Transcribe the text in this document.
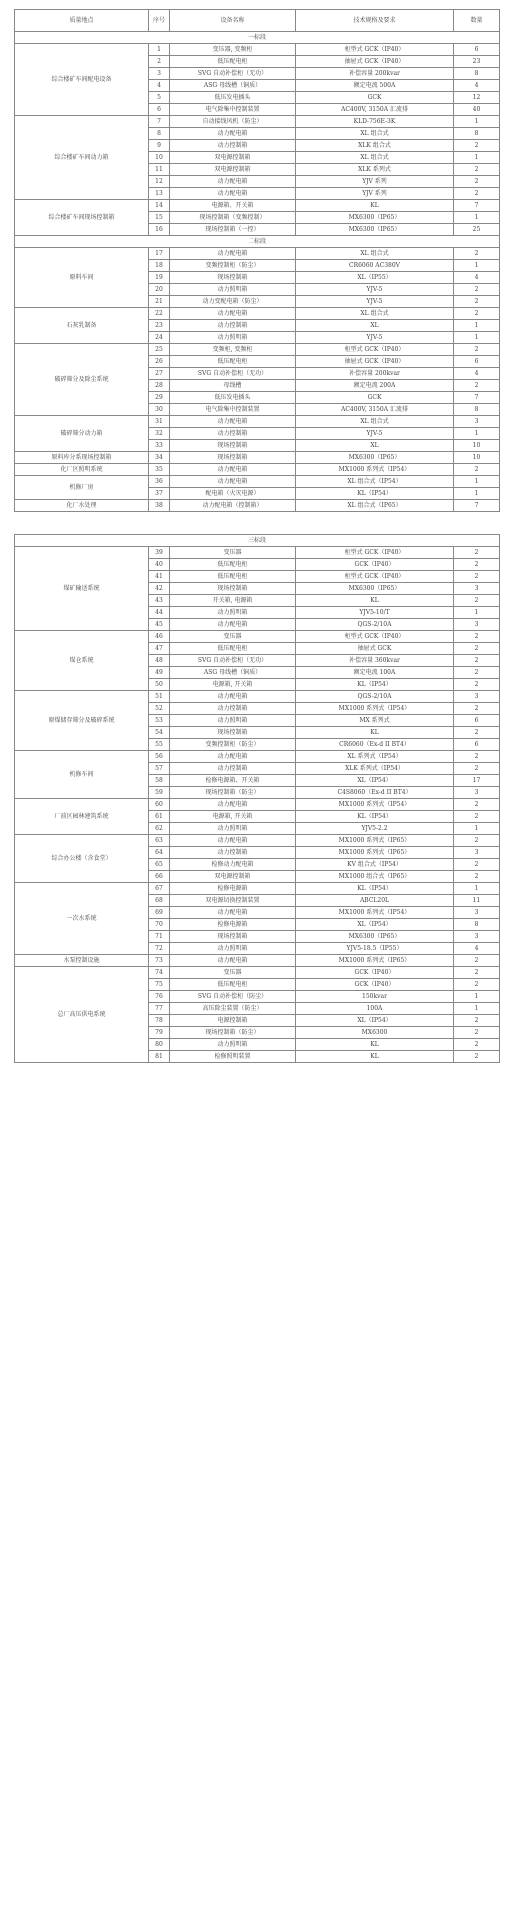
质量地点	序号	设备名称	技术规格及要求	数量
一标段				
综合楼矿车间配电设备	1	变压器, 变频柜	柜型式 GCK（IP40）	6
	2	低压配电柜	抽屉式 GCK（IP40）	23
	3	SVG 自动补偿柜（无功）	补偿容量 200kvar	8
	4	ASG 母线槽（铜质）	额定电流 500A	4
	5	低压发电插头	GCK	12
	6	电气除集中控制装置	AC400V, 3150A 汇流排	40
综合楼矿车间动力箱	7	自动接线风机（防尘）	KLD-756E-3K	1
	8	动力配电箱	XL 组合式	8
	9	动力控制箱	XLK 组合式	2
	10	双电源控制箱	XL 组合式	1
	11	双电源控制箱	XLK 系列式	2
	12	动力配电箱	YJV 系列	2
	13	动力配电箱	YJV 系列	2
综合楼矿车间现场控制箱	14	电源箱、开关箱	KL	7
	15	现场控制箱（变频控制）	MX6300（IP65）	1
	16	现场控制箱（一控）	MX6300（IP65）	25
二标段				
原料车间	17	动力配电箱	XL 组合式	2
	18	变频控制柜（防尘）	CR6060 AC380V	1
	19	现场控制箱	XL（IP55）	4
	20	动力照明箱	YJV-5	2
	21	动力变配电箱（防尘）	YJV-5	2
石灰乳制备	22	动力配电箱	XL 组合式	2
	23	动力控制箱	XL	1
	24	动力照明箱	YJV-5	1
破碎筛分及除尘系统	25	变频柜, 变频柜	柜型式 GCK（IP40）	2
	26	低压配电柜	抽屉式 GCK（IP40）	6
	27	SVG 自动补偿柜（无功）	补偿容量 200kvar	4
	28	母线槽	额定电流 200A	2
	29	低压发电插头	GCK	7
	30	电气除集中控制装置	AC400V, 3150A 汇流排	8
破碎筛分动力箱	31	动力配电箱	XL 组合式	3
	32	动力控制箱	YJV-5	1
	33	现场控制箱	XL	10
原料库分系现场控制箱	34	现场控制箱	MX6300（IP65）	10
化厂区照明系统	35	动力配电箱	MX1000 系列式（IP54）	2
机修厂房	36	动力配电箱	XL 组合式（IP54）	1
	37	配电箱（火灾电源）	KL（IP54）	1
化厂水处理	38	动力配电箱（控制箱）	XL 组合式（IP65）	7

三标段				
煤矿输送系统	39	变压器	柜型式 GCK（IP40）	2
	40	低压配电柜	GCK（IP40）	2
	41	低压配电柜	柜型式 GCK（IP40）	2
	42	现场控制箱	MX6300（IP65）	3
	43	开关箱, 电源箱	KL	2
	44	动力照明箱	YJV5-10/T	1
	45	动力配电箱	QGS-2/10A	3
煤仓系统	46	变压器	柜型式 GCK（IP40）	2
	47	低压配电柜	抽屉式 GCK	2
	48	SVG 自动补偿柜（无功）	补偿容量 360kvar	2
	49	ASG 母线槽（铜质）	额定电流 100A	2
	50	电源箱, 开关箱	KL（IP54）	2
原煤储存筛分及破碎系统	51	动力配电箱	QGS-2/10A	3
	52	动力控制箱	MX1000 系列式（IP54）	2
	53	动力照明箱	MX 系列式	6
	54	现场控制箱	KL	2
	55	变频控制柜（防尘）	CR6060（Ex-d II BT4）	6
机修车间	56	动力配电箱	XL 系列式（IP54）	2
	57	动力控制箱	XLK 系列式（IP54）	2
	58	检修电源箱、开关箱	XL（IP54）	17
	59	现场控制箱（防尘）	C4S8060（Ex-d II BT4）	3
厂前区园林建筑系统	60	动力配电箱	MX1000 系列式（IP54）	2
	61	电源箱, 开关箱	KL（IP54）	2
	62	动力照明箱	YJV5-2.2	1
综合办公楼（含食堂）	63	动力配电箱	MX1000 系列式（IP65）	2
	64	动力控制箱	MX1000 系列式（IP65）	3
	65	检修动力配电箱	KV 组合式（IP54）	2
	66	双电源控制箱	MX1000 组合式（IP65）	2
一次水系统	67	检修电源箱	KL（IP54）	1
	68	双电源切换控制装置	ABCL20L	11
	69	动力配电箱	MX1000 系列式（IP54）	3
	70	检修电源箱	XL（IP54）	8
	71	现场控制箱	MX6300（IP65）	3
	72	动力照明箱	YJV5-18.5（IP55）	4
水泵控制设施	73	动力配电箱	MX1000 系列式（IP65）	2
总厂高压供电系统	74	变压器	GCK（IP40）	2
	75	低压配电柜	GCK（IP40）	2
	76	SVG 自动补偿柜（防尘）	150kvar	1
	77	高压除尘装置（防尘）	100A	1
	78	电源控制箱	XL（IP54）	2
	79	现场控制箱（防尘）	MX6300	2
	80	动力照明箱	KL	2
	81	检修照明装置	KL	2
